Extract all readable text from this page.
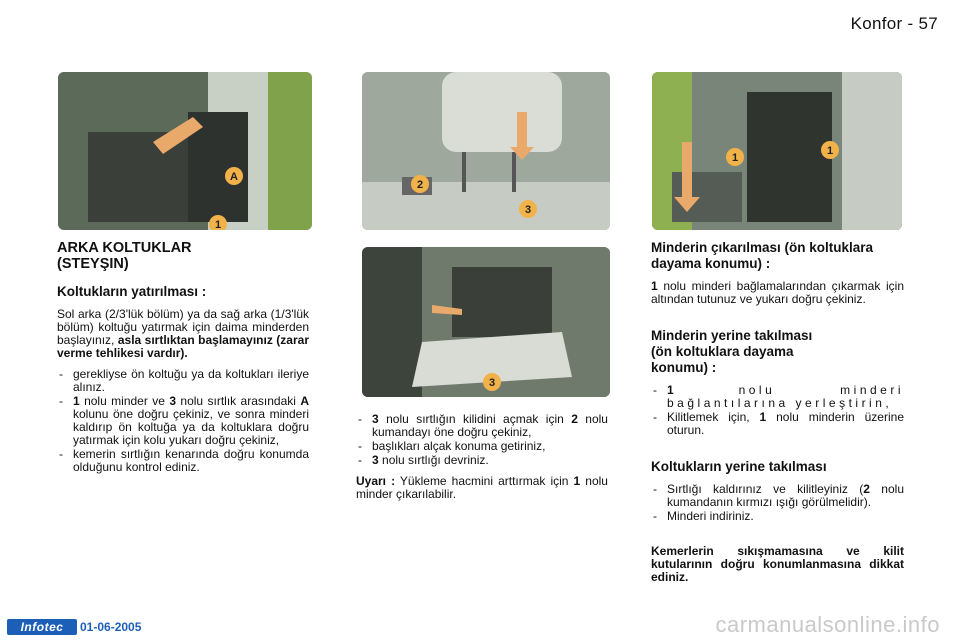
Konfor - 57
A
1
2
3
3
1
1
ARKA KOLTUKLAR
(STEYŞIN)
Koltukların yatırılması :

Sol arka (2/3'lük bölüm) ya da sağ arka (1/3'lük bölüm) koltuğu yatırmak için daima minderden başlayınız, asla sırtlıktan başlamayınız (zarar verme tehlikesi vardır).

- gerekliyse ön koltuğu ya da koltukları ileriye alınız.
- 1 nolu minder ve 3 nolu sırtlık arasındaki A kolunu öne doğru çekiniz, ve sonra minderi kaldırıp ön koltuğa ya da koltuklara doğru yatırmak için kolu yukarı doğru çekiniz,
- kemerin sırtlığın kenarında doğru konumda olduğunu kontrol ediniz.
- 3 nolu sırtlığın kilidini açmak için 2 nolu kumandayı öne doğru çekiniz,
- başlıkları alçak konuma getiriniz,
- 3 nolu sırtlığı devriniz.

Uyarı : Yükleme hacmini arttırmak için 1 nolu minder çıkarılabilir.

Minderin çıkarılması (ön koltuklara dayama konumu) :

1 nolu minderi bağlamalarından çıkarmak için altından tutunuz ve yukarı doğru çekiniz.

Minderin yerine takılması
(ön koltuklara dayama
konumu) :
- 1 nolu minderi bağlantılarına yerleştirin,
- Kilitlemek için, 1 nolu minderin üzerine oturun.
Koltukların yerine takılması
- Sırtlığı kaldırınız ve kilitleyiniz (2 nolu kumandanın kırmızı ışığı görülmelidir).
- Minderi indiriniz.

Kemerlerin sıkışmamasına ve kilit kutularının doğru konumlanmasına dikkat ediniz.

Infotec	01-06-2005	carmanualsonline.info
